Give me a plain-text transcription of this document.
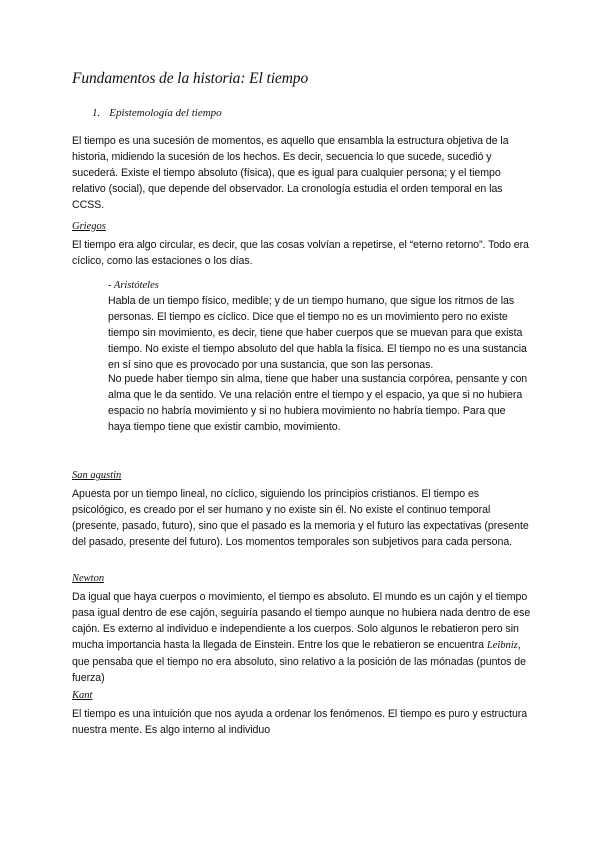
Fundamentos de la historia: El tiempo
1. Epistemología del tiempo

El tiempo es una sucesión de momentos, es aquello que ensambla la estructura objetiva de la historia, midiendo la sucesión de los hechos. Es decir, secuencia lo que sucede, sucedió y sucederá. Existe el tiempo absoluto (física), que es igual para cualquier persona; y el tiempo relativo (social), que depende del observador. La cronología estudia el orden temporal en las CCSS.

Griegos

El tiempo era algo circular, es decir, que las cosas volvían a repetirse, el “eterno retorno”. Todo era cíclico, como las estaciones o los días.

- Aristóteles

Habla de un tiempo físico, medible; y de un tiempo humano, que sigue los ritmos de las personas. El tiempo es cíclico. Dice que el tiempo no es un movimiento pero no existe tiempo sin movimiento, es decir, tiene que haber cuerpos que se muevan para que exista tiempo. No existe el tiempo absoluto del que habla la física. El tiempo no es una sustancia en sí sino que es provocado por una sustancia, que son las personas.

No puede haber tiempo sin alma, tiene que haber una sustancia corpórea, pensante y con alma que le da sentido. Ve una relación entre el tiempo y el espacio, ya que si no hubiera espacio no habría movimiento y si no hubiera movimiento no habría tiempo. Para que haya tiempo tiene que existir cambio, movimiento.

San agustin

Apuesta por un tiempo lineal, no cíclico, siguiendo los principios cristianos. El tiempo es psicológico, es creado por el ser humano y no existe sin él. No existe el continuo temporal (presente, pasado, futuro), sino que el pasado es la memoria y el futuro las expectativas (presente del pasado, presente del futuro). Los momentos temporales son subjetivos para cada persona.

Newton

Da igual que haya cuerpos o movimiento, el tiempo es absoluto. El mundo es un cajón y el tiempo pasa igual dentro de ese cajón, seguiría pasando el tiempo aunque no hubiera nada dentro de ese cajón. Es externo al individuo e independiente a los cuerpos. Solo algunos le rebatieron pero sin mucha importancia hasta la llegada de Einstein. Entre los que le rebatieron se encuentra Leibniz, que pensaba que el tiempo no era absoluto, sino relativo a la posición de las mónadas (puntos de fuerza)

Kant

El tiempo es una intuición que nos ayuda a ordenar los fenómenos. El tiempo es puro y estructura nuestra mente. Es algo interno al individuo
